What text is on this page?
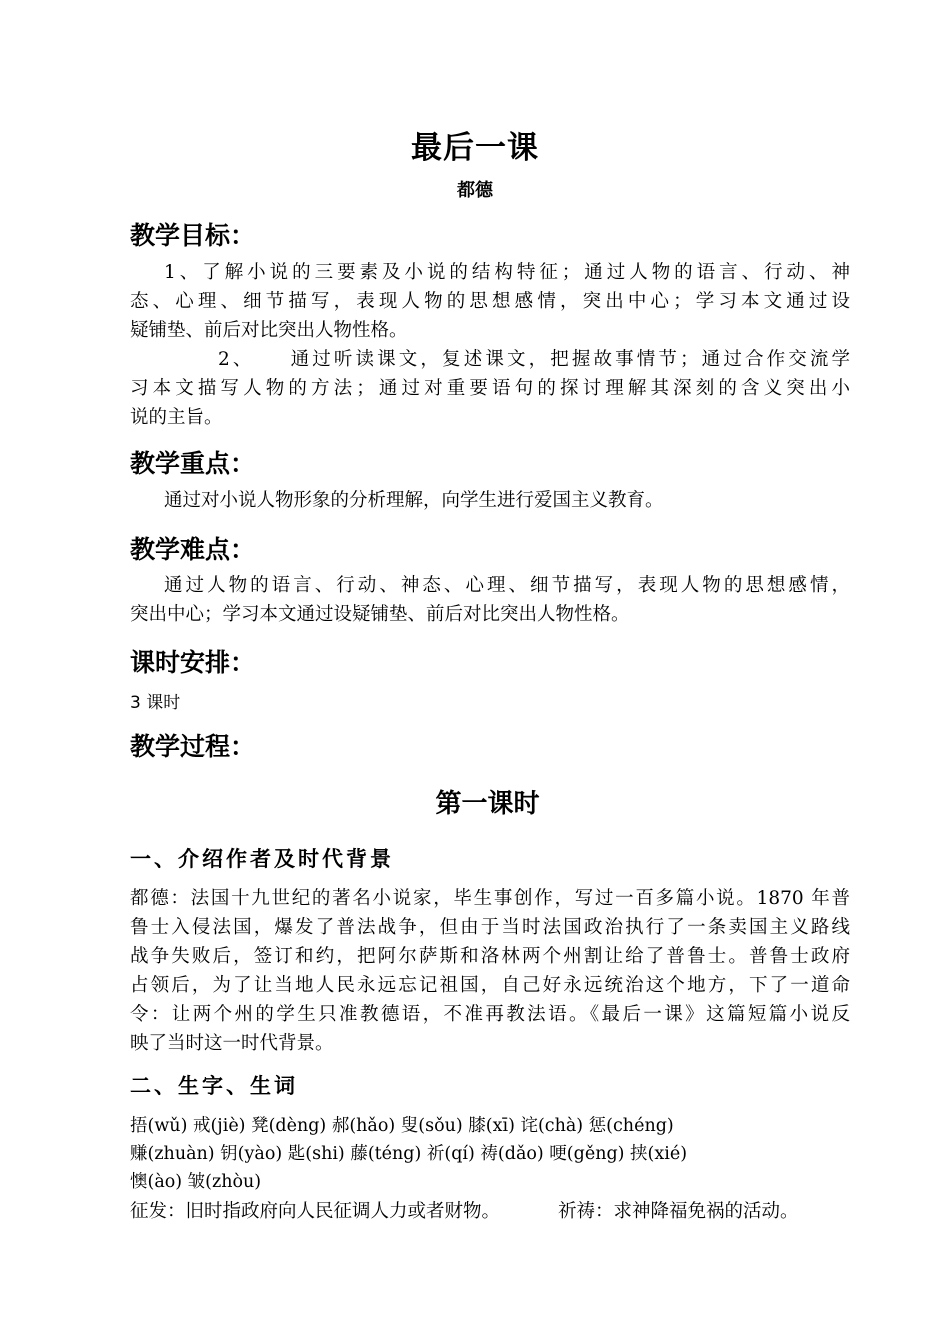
最后一课
都德
教学目标：
1、了解小说的三要素及小说的结构特征；通过人物的语言、行动、神
态、心理、细节描写，表现人物的思想感情，突出中心；学习本文通过设
疑铺垫、前后对比突出人物性格。
2、    通过听读课文，复述课文，把握故事情节；通过合作交流学
习本文描写人物的方法；通过对重要语句的探讨理解其深刻的含义突出小
说的主旨。
教学重点：
通过对小说人物形象的分析理解，向学生进行爱国主义教育。
教学难点：
通过人物的语言、行动、神态、心理、细节描写，表现人物的思想感情，
突出中心；学习本文通过设疑铺垫、前后对比突出人物性格。
课时安排：
3 课时
教学过程：
第一课时
一、介绍作者及时代背景
都德：法国十九世纪的著名小说家，毕生事创作，写过一百多篇小说。1870 年普
鲁士入侵法国，爆发了普法战争，但由于当时法国政治执行了一条卖国主义路线
战争失败后，签订和约，把阿尔萨斯和洛林两个州割让给了普鲁士。普鲁士政府
占领后，为了让当地人民永远忘记祖国，自己好永远统治这个地方，下了一道命
令：让两个州的学生只准教德语，不准再教法语。《最后一课》这篇短篇小说反
映了当时这一时代背景。
二、生字、生词
捂(wǔ) 戒(jiè) 凳(dèng) 郝(hǎo) 叟(sǒu) 膝(xī) 诧(chà) 惩(chéng)
赚(zhuàn) 钥(yào) 匙(shi) 藤(téng) 祈(qí) 祷(dǎo) 哽(gěng) 挟(xié)
懊(ào) 皱(zhòu)
征发：旧时指政府向人民征调人力或者财物。	祈祷：求神降福免祸的活动。
